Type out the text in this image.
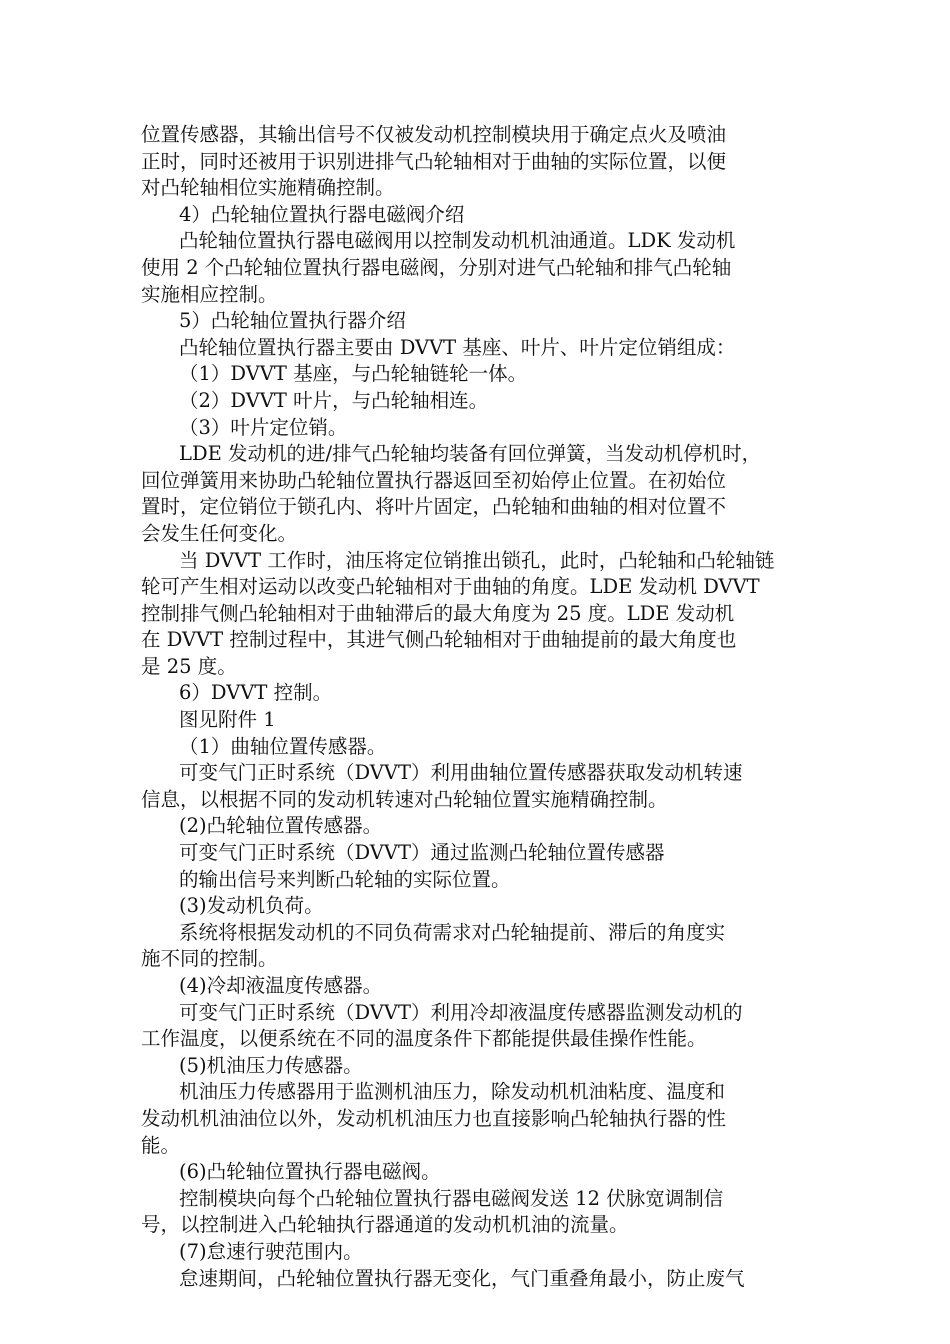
位置传感器，其输出信号不仅被发动机控制模块用于确定点火及喷油
正时，同时还被用于识别进排气凸轮轴相对于曲轴的实际位置，以便
对凸轮轴相位实施精确控制。
4）凸轮轴位置执行器电磁阀介绍
凸轮轴位置执行器电磁阀用以控制发动机机油通道。LDK 发动机
使用 2 个凸轮轴位置执行器电磁阀，分别对进气凸轮轴和排气凸轮轴
实施相应控制。
5）凸轮轴位置执行器介绍
凸轮轴位置执行器主要由 DVVT 基座、叶片、叶片定位销组成：
（1）DVVT 基座，与凸轮轴链轮一体。
（2）DVVT 叶片，与凸轮轴相连。
（3）叶片定位销。
LDE 发动机的进/排气凸轮轴均装备有回位弹簧，当发动机停机时，
回位弹簧用来协助凸轮轴位置执行器返回至初始停止位置。在初始位
置时，定位销位于锁孔内、将叶片固定，凸轮轴和曲轴的相对位置不
会发生任何变化。
当 DVVT 工作时，油压将定位销推出锁孔，此时，凸轮轴和凸轮轴链
轮可产生相对运动以改变凸轮轴相对于曲轴的角度。LDE 发动机 DVVT
控制排气侧凸轮轴相对于曲轴滞后的最大角度为 25 度。LDE 发动机
在 DVVT 控制过程中，其进气侧凸轮轴相对于曲轴提前的最大角度也
是 25 度。
6）DVVT 控制。
图见附件 1
（1）曲轴位置传感器。
可变气门正时系统（DVVT）利用曲轴位置传感器获取发动机转速
信息，以根据不同的发动机转速对凸轮轴位置实施精确控制。
(2)凸轮轴位置传感器。
可变气门正时系统（DVVT）通过监测凸轮轴位置传感器
的输出信号来判断凸轮轴的实际位置。
(3)发动机负荷。
系统将根据发动机的不同负荷需求对凸轮轴提前、滞后的角度实
施不同的控制。
(4)冷却液温度传感器。
可变气门正时系统（DVVT）利用冷却液温度传感器监测发动机的
工作温度，以便系统在不同的温度条件下都能提供最佳操作性能。
(5)机油压力传感器。
机油压力传感器用于监测机油压力，除发动机机油粘度、温度和
发动机机油油位以外，发动机机油压力也直接影响凸轮轴执行器的性
能。
(6)凸轮轴位置执行器电磁阀。
控制模块向每个凸轮轴位置执行器电磁阀发送 12 伏脉宽调制信
号，以控制进入凸轮轴执行器通道的发动机机油的流量。
(7)怠速行驶范围内。
怠速期间，凸轮轴位置执行器无变化，气门重叠角最小，防止废气
